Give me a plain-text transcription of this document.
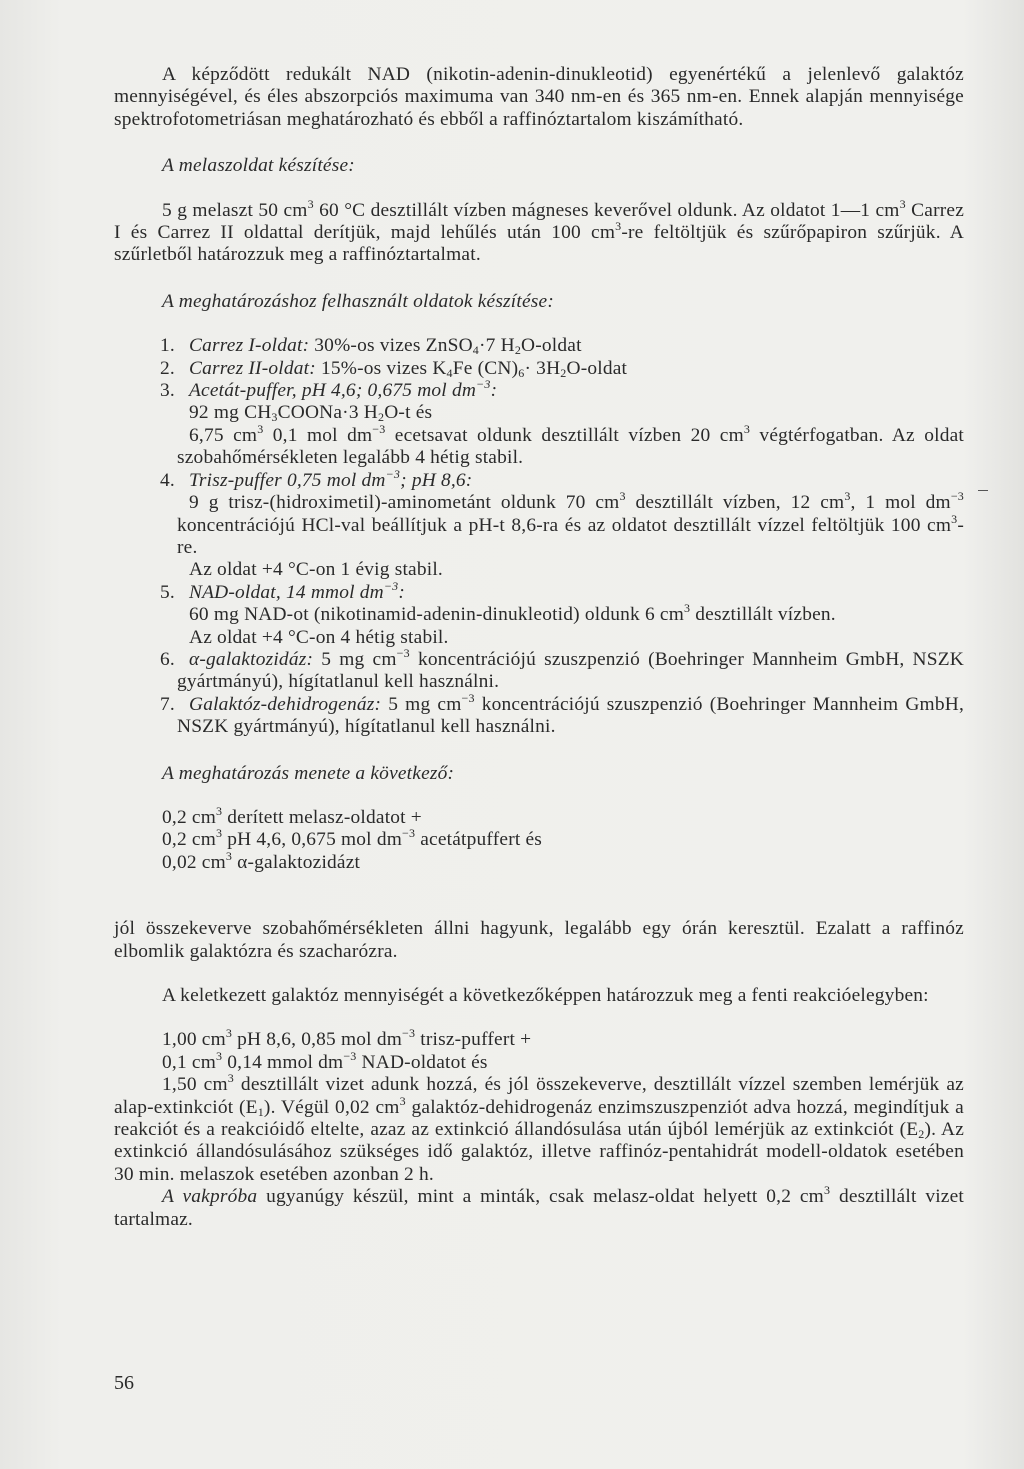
A képződött redukált NAD (nikotin-adenin-dinukleotid) egyenértékű a jelenlevő galaktóz mennyiségével, és éles abszorpciós maximuma van 340 nm-en és 365 nm-en. Ennek alapján mennyisége spektrofotometriásan meghatározható és ebből a raffinóztartalom kiszámítható.

A melaszoldat készítése:

5 g melaszt 50 $cm^3$ 60 °C desztillált vízben mágneses keverővel oldunk. Az oldatot 1—1 $cm^3$ Carrez I és Carrez II oldattal derítjük, majd lehűlés után 100 $cm^3-re$ feltöltjük és szűrőpapiron szűrjük. A szűrletből határozzuk meg a raffinóztartalmat.

A meghatározáshoz felhasznált oldatok készítése:

1. Carrez I-oldat: 30%-os vizes ZnSO$_4$·7 $H_2O$-oldat
2. Carrez II-oldat: 15%-os vizes $K_4Fe$ $(CN)_6\cdot$ $3H_2O$-oldat
3. Acetát-puffer, pH 4,6; 0,675 mol $dm^{-3}$:

92 mg $CH_3COONa\cdot 3$ $H_2O-t$ és

6,75 $cm^3$ 0,1 mol $dm^{-3}$ ecetsavat oldunk desztillált vízben 20 $cm^3$ végtérfogatban. Az oldat szobahőmérsékleten legalább 4 hétig stabil.

4. Trisz-puffer 0,75 mol $dm^{-3}$; pH 8,6:

9 g trisz-(hidroximetil)-aminometánt oldunk 70 $cm^3$ desztillált vízben, 12 $cm^3$, 1 mol $dm^{-3}$ koncentrációjú HCl-val beállítjuk a pH-t 8,6-ra és az oldatot desztillált vízzel feltöltjük 100 $cm^3-re$.

Az oldat +4 °C-on 1 évig stabil.
5. NAD-oldat, 14 mmol $dm^{-3}$:

60 mg NAD-ot (nikotinamid-adenin-dinukleotid) oldunk 6 $cm^3$ desztillált vízben.

Az oldat +4 °C-on 4 hétig stabil.
6. α-galaktozidáz: 5 mg $cm^{-3}$ koncentrációjú szuszpenzió (Boehringer Mannheim GmbH, NSZK gyártmányú), hígítatlanul kell használni.

7. Galaktóz-dehidrogenáz: 5 mg $cm^{-3}$ koncentrációjú szuszpenzió (Boehringer Mannheim GmbH, NSZK gyártmányú), hígítatlanul kell használni.

A meghatározás menete a következő:

0,2 $cm^3$ derített melasz-oldatot +
0,2 $cm^3$ pH 4,6, 0,675 mol $dm^{-3}$ acetátpuffert és
0,02 $cm^3$ α-galaktozidázt

jól összekeverve szobahőmérsékleten állni hagyunk, legalább egy órán keresztül. Ezalatt a raffinóz elbomlik galaktózra és szacharózra.

A keletkezett galaktóz mennyiségét a következőképpen határozzuk meg a fenti reakcióelegyben:

1,00 $cm^3$ pH 8,6, 0,85 mol $dm^{-3}$ trisz-puffert +
0,1 $cm^3$ 0,14 mmol $dm^{-3}$ NAD-oldatot és

1,50 $cm^3$ desztillált vizet adunk hozzá, és jól összekeverve, desztillált vízzel szemben lemérjük az alap-extinkciót $(E_1)$. Végül 0,02 $cm^3$ galaktóz-dehidrogenáz enzimszuszpenziót adva hozzá, megindítjuk a reakciót és a reakcióidő eltelte, azaz az extinkció állandósulása után újból lemérjük az extinkciót $(E_2)$. Az extinkció állandósulásához szükséges idő galaktóz, illetve raffinóz-pentahidrát modell-oldatok esetében 30 min. melaszok esetében azonban 2 h.

A vakpróba ugyanúgy készül, mint a minták, csak melasz-oldat helyett 0,2 $cm^3$ desztillált vizet tartalmaz.

56
